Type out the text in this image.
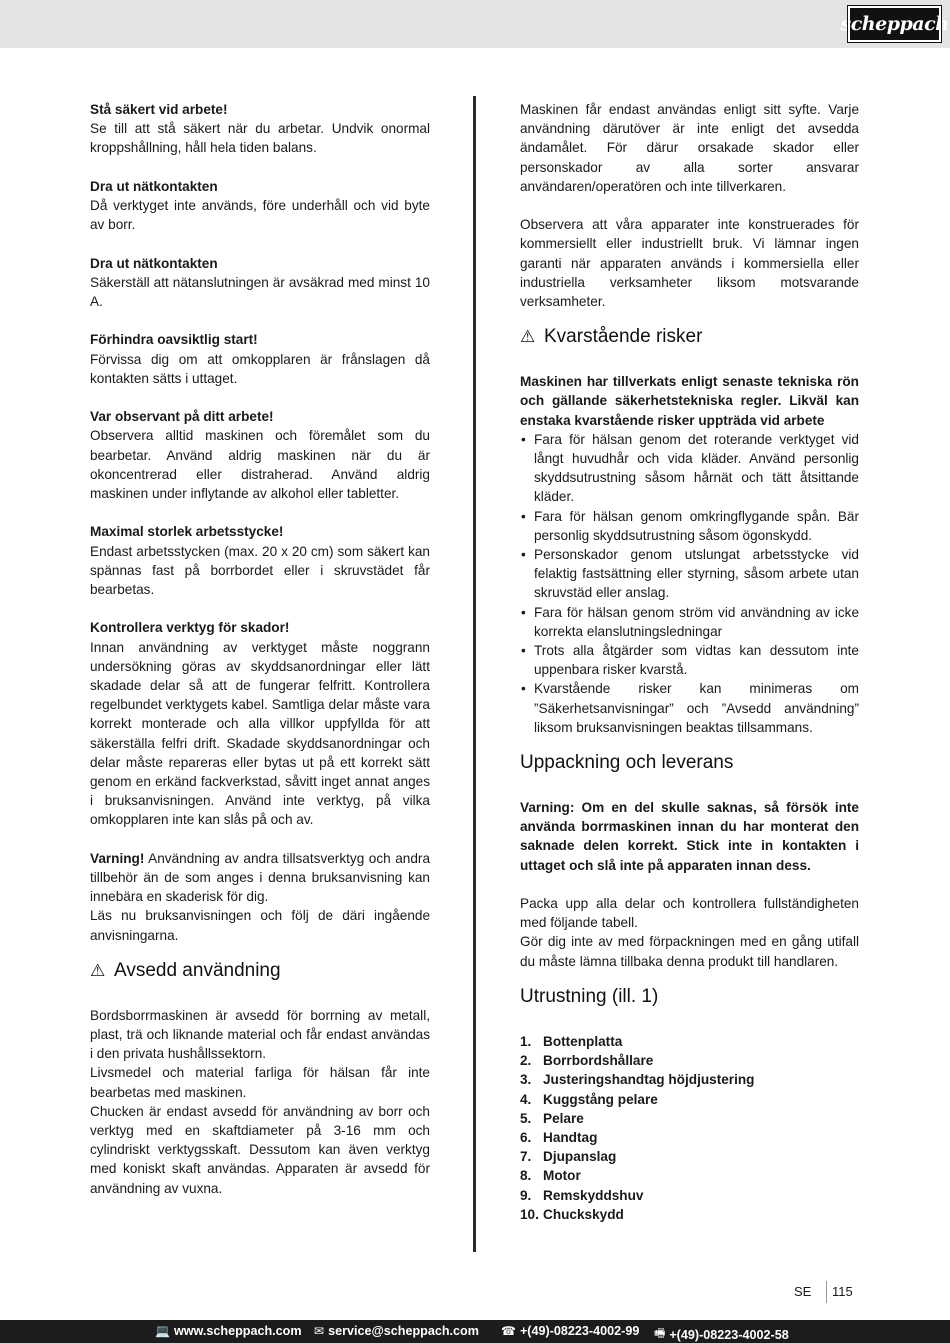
scheppach

Stå säkert vid arbete!

Se till att stå säkert när du arbetar. Undvik onormal kroppshållning, håll hela tiden balans.

Dra ut nätkontakten

Då verktyget inte används, före underhåll och vid byte av borr.

Dra ut nätkontakten

Säkerställ att nätanslutningen är avsäkrad med minst 10 A.

Förhindra oavsiktlig start!

Förvissa dig om att omkopplaren är frånslagen då kontakten sätts i uttaget.

Var observant på ditt arbete!

Observera alltid maskinen och föremålet som du bearbetar. Använd aldrig maskinen när du är okoncentrerad eller distraherad. Använd aldrig maskinen under inflytande av alkohol eller tabletter.

Maximal storlek arbetsstycke!

Endast arbetsstycken (max. 20 x 20 cm) som säkert kan spännas fast på borrbordet eller i skruvstädet får bearbetas.

Kontrollera verktyg för skador!

Innan användning av verktyget måste noggrann undersökning göras av skyddsanordningar eller lätt skadade delar så att de fungerar felfritt. Kontrollera regelbundet verktygets kabel. Samtliga delar måste vara korrekt monterade och alla villkor uppfyllda för att säkerställa felfri drift. Skadade skyddsanordningar och delar måste repareras eller bytas ut på ett korrekt sätt genom en erkänd fackverkstad, såvitt inget annat anges i bruksanvisningen. Använd inte verktyg, på vilka omkopplaren inte kan slås på och av.

Varning! Användning av andra tillsatsverktyg och andra tillbehör än de som anges i denna bruksanvisning kan innebära en skaderisk för dig.

Läs nu bruksanvisningen och följ de däri ingående anvisningarna.

⚠ Avsedd användning

Bordsborrmaskinen är avsedd för borrning av metall, plast, trä och liknande material och får endast användas i den privata hushållssektorn.

Livsmedel och material farliga för hälsan får inte bearbetas med maskinen.

Chucken är endast avsedd för användning av borr och verktyg med en skaftdiameter på 3-16 mm och cylindriskt verktygsskaft. Dessutom kan även verktyg med koniskt skaft användas. Apparaten är avsedd för användning av vuxna.

Maskinen får endast användas enligt sitt syfte. Varje användning därutöver är inte enligt det avsedda ändamålet. För därur orsakade skador eller personskador av alla sorter ansvarar användaren/operatören och inte tillverkaren.

Observera att våra apparater inte konstruerades för kommersiellt eller industriellt bruk. Vi lämnar ingen garanti när apparaten används i kommersiella eller industriella verksamheter liksom motsvarande verksamheter.

⚠ Kvarstående risker

Maskinen har tillverkats enligt senaste tekniska rön och gällande säkerhetstekniska regler. Likväl kan enstaka kvarstående risker uppträda vid arbete

• Fara för hälsan genom det roterande verktyget vid långt huvudhår och vida kläder. Använd personlig skyddsutrustning såsom hårnät och tätt åtsittande kläder.
• Fara för hälsan genom omkringflygande spån. Bär personlig skyddsutrustning såsom ögonskydd.
• Personskador genom utslungat arbetsstycke vid felaktig fastsättning eller styrning, såsom arbete utan skruvstäd eller anslag.
• Fara för hälsan genom ström vid användning av icke korrekta elanslutningsledningar
• Trots alla åtgärder som vidtas kan dessutom inte uppenbara risker kvarstå.
• Kvarstående risker kan minimeras om ”Säkerhetsanvisningar” och ”Avsedd användning” liksom bruksanvisningen beaktas tillsammans.
Uppackning och leverans

Varning: Om en del skulle saknas, så försök inte använda borrmaskinen innan du har monterat den saknade delen korrekt. Stick inte in kontakten i uttaget och slå inte på apparaten innan dess.

Packa upp alla delar och kontrollera fullständigheten med följande tabell.

Gör dig inte av med förpackningen med en gång utifall du måste lämna tillbaka denna produkt till handlaren.

Utrustning (ill. 1)
1. Bottenplatta
2. Borrbordshållare
3. Justeringshandtag höjdjustering
4. Kuggstång pelare
5. Pelare
6. Handtag
7. Djupanslag
8. Motor
9. Remskyddshuv
10. Chuckskydd
SE 115
💻 www.scheppach.com ✉ service@scheppach.com ☎ +(49)-08223-4002-99 🖷 +(49)-08223-4002-58
